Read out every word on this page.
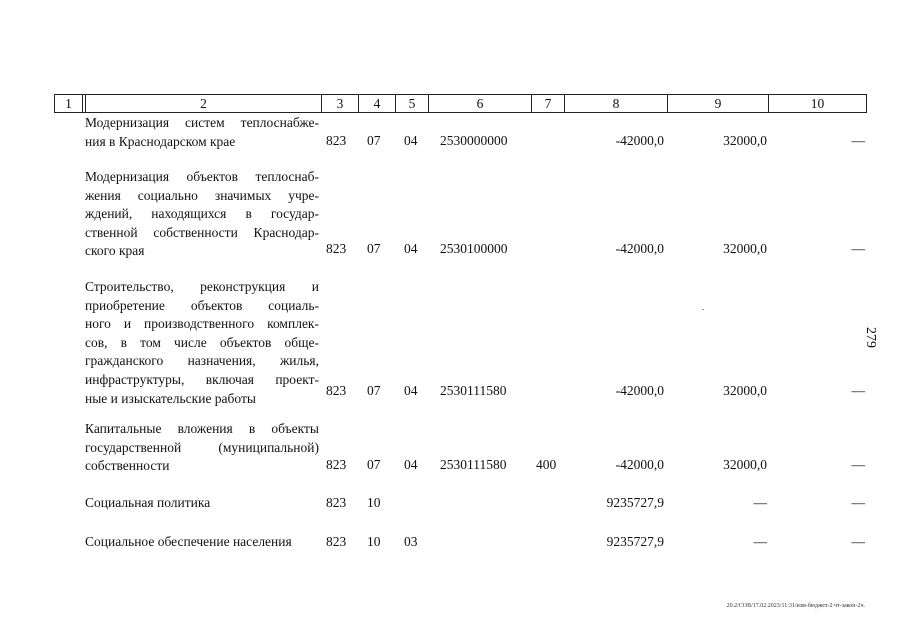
1	2	3	4	5	6	7	8	9	10
Модернизация систем теплоснабже-
ния в Краснодарском крае	823 07 04 2530000000	-42000,0	32000,0	—
Модернизация объектов теплоснаб-
жения социально значимых учре-
ждений, находящихся в государ-
ственной собственности Краснодар-
ского края	823 07 04 2530100000	-42000,0	32000,0	—
Строительство, реконструкция и
приобретение объектов социаль-
ного и производственного комплек-
сов, в том числе объектов обще-
гражданского назначения, жилья,
инфраструктуры, включая проект-
ные и изыскательские работы
823 07 04 2530111580	-42000,0	32000,0	—
Капитальные вложения в объекты
государственной (муниципальной)
собственности	823 07 04 2530111580 400	-42000,0	32000,0	—
Социальная политика	823 10	9235727,9	—	—
Социальное обеспечение населения	823 10 03	9235727,9	—	—
279
20.2/СОВ/17.02.2023/11:31/изм-бюджет-2 чт-закон-2ч.
